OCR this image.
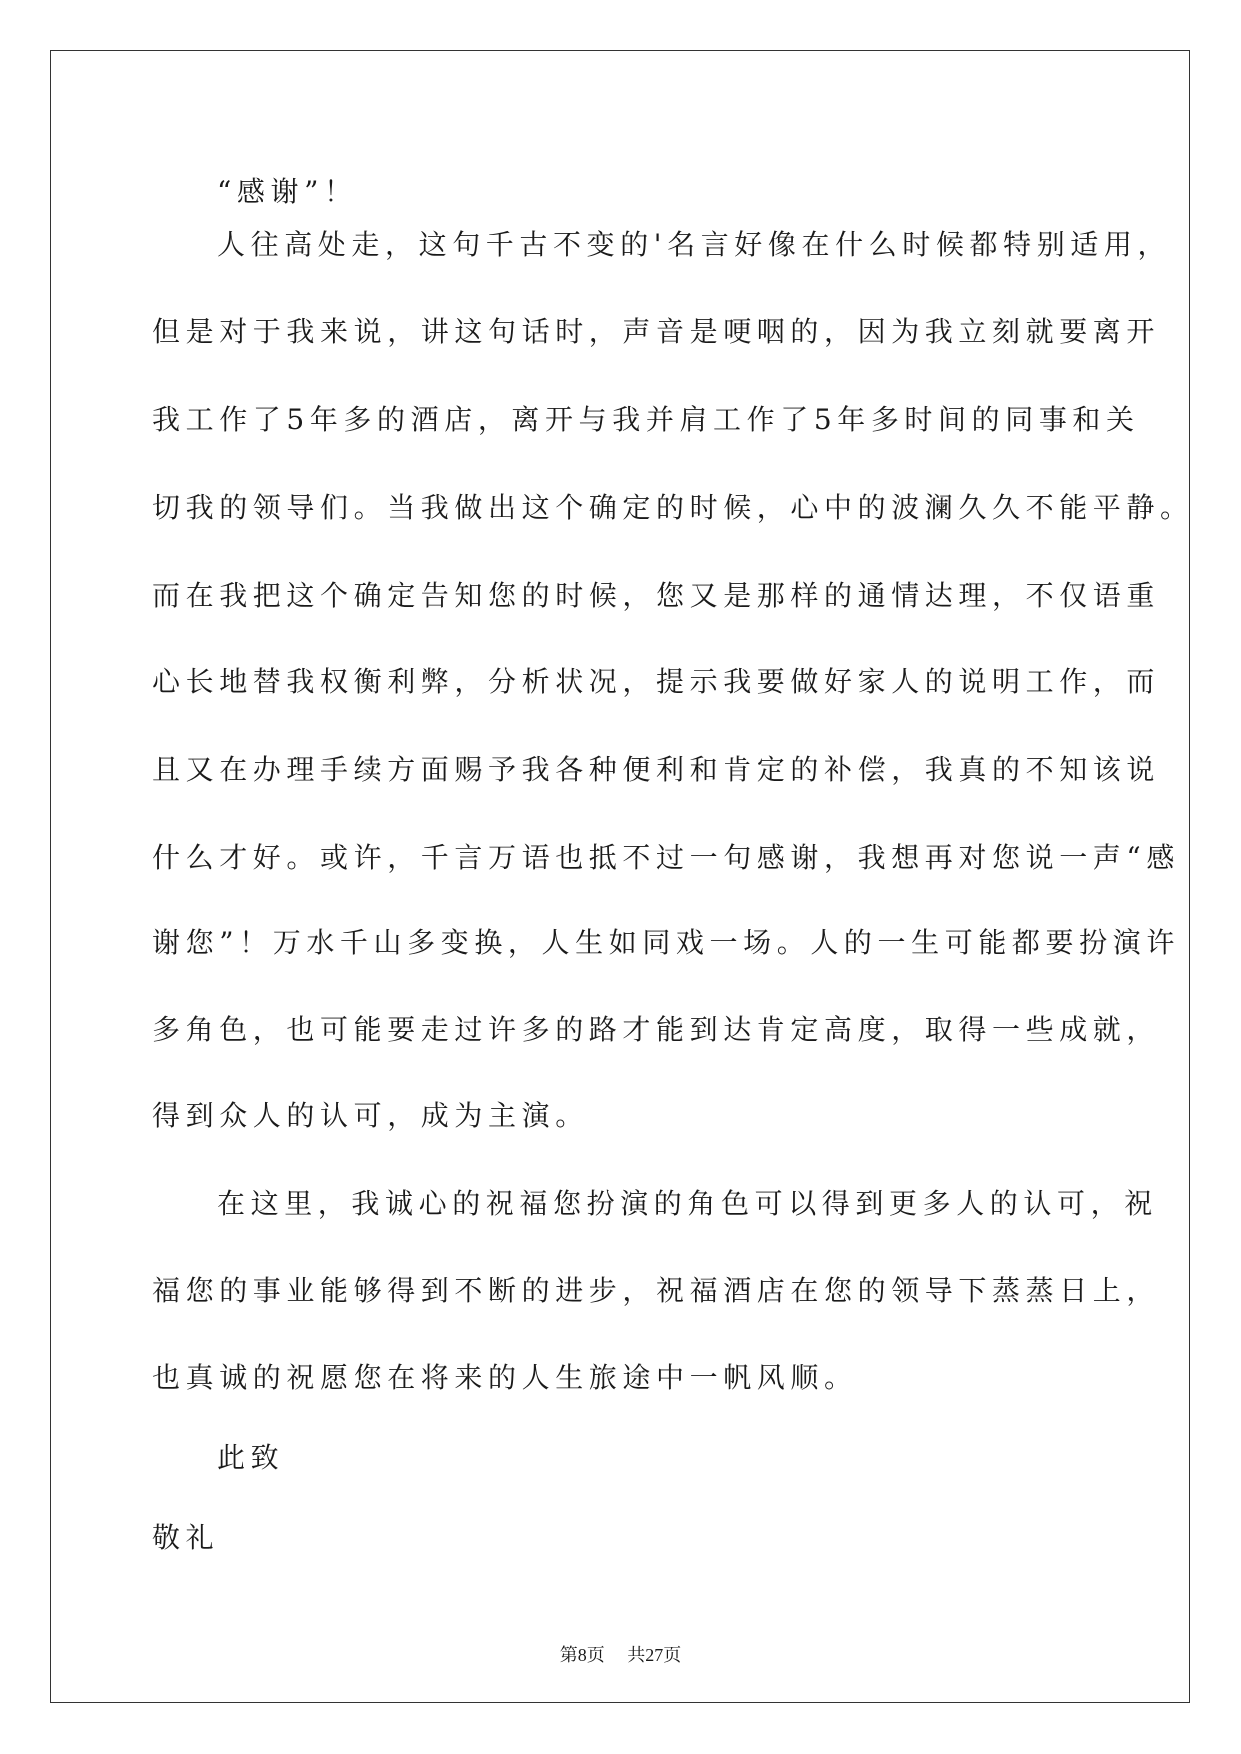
“感谢”！

人往高处走，这句千古不变的'名言好像在什么时候都特别适用，

但是对于我来说，讲这句话时，声音是哽咽的，因为我立刻就要离开

我工作了5年多的酒店，离开与我并肩工作了5年多时间的同事和关

切我的领导们。当我做出这个确定的时候，心中的波澜久久不能平静。

而在我把这个确定告知您的时候，您又是那样的通情达理，不仅语重

心长地替我权衡利弊，分析状况，提示我要做好家人的说明工作，而

且又在办理手续方面赐予我各种便利和肯定的补偿，我真的不知该说

什么才好。或许，千言万语也抵不过一句感谢，我想再对您说一声“感

谢您”！万水千山多变换，人生如同戏一场。人的一生可能都要扮演许

多角色，也可能要走过许多的路才能到达肯定高度，取得一些成就，

得到众人的认可，成为主演。

在这里，我诚心的祝福您扮演的角色可以得到更多人的认可，祝

福您的事业能够得到不断的进步，祝福酒店在您的领导下蒸蒸日上，

也真诚的祝愿您在将来的人生旅途中一帆风顺。

此致

敬礼

第8页 共27页
